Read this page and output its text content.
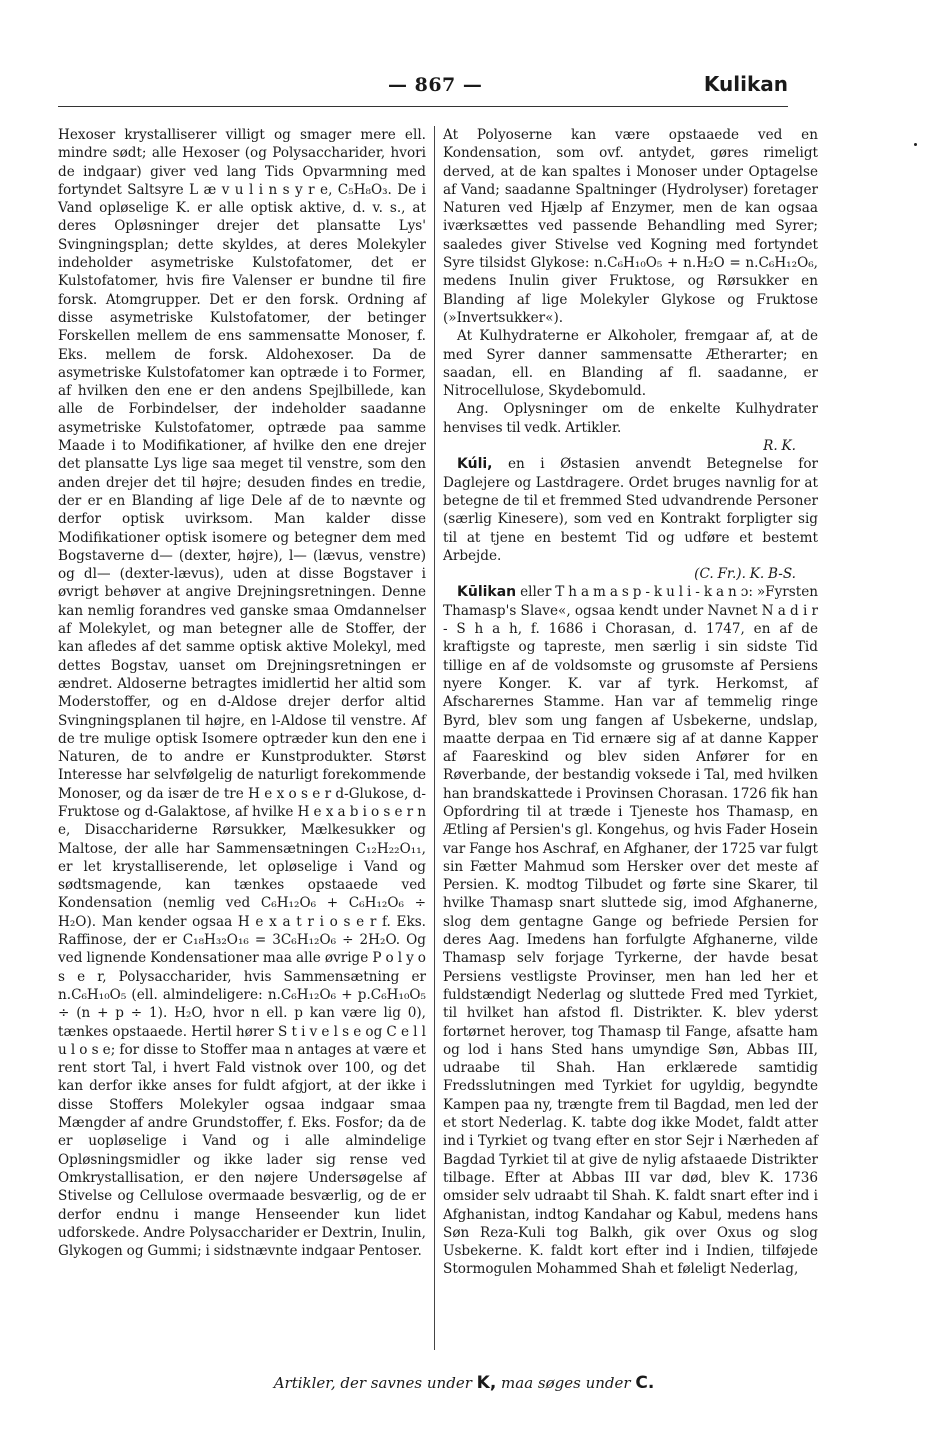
— 867 —	Kulikan

Hexoser krystalliserer villigt og smager mere ell. mindre sødt; alle Hexoser (og Polysaccharider, hvori de indgaar) giver ved lang Tids Opvarmning med fortyndet Saltsyre L æ v u l i n s y r e, C₅H₈O₃. De i Vand opløselige K. er alle optisk aktive, d. v. s., at deres Opløsninger drejer det plansatte Lys' Svingningsplan; dette skyldes, at deres Molekyler indeholder asymetriske Kulstofatomer, det er Kulstofatomer, hvis fire Valenser er bundne til fire forsk. Atomgrupper. Det er den forsk. Ordning af disse asymetriske Kulstofatomer, der betinger Forskellen mellem de ens sammensatte Monoser, f. Eks. mellem de forsk. Aldohexoser. Da de asymetriske Kulstofatomer kan optræde i to Former, af hvilken den ene er den andens Spejlbillede, kan alle de Forbindelser, der indeholder saadanne asymetriske Kulstofatomer, optræde paa samme Maade i to Modifikationer, af hvilke den ene drejer det plansatte Lys lige saa meget til venstre, som den anden drejer det til højre; desuden findes en tredie, der er en Blanding af lige Dele af de to nævnte og derfor optisk uvirksom. Man kalder disse Modifikationer optisk isomere og betegner dem med Bogstaverne d— (dexter, højre), l— (lævus, venstre) og dl— (dexter-lævus), uden at disse Bogstaver i øvrigt behøver at angive Drejningsretningen. Denne kan nemlig forandres ved ganske smaa Omdannelser af Molekylet, og man betegner alle de Stoffer, der kan afledes af det samme optisk aktive Molekyl, med dettes Bogstav, uanset om Drejningsretningen er ændret. Aldoserne betragtes imidlertid her altid som Moderstoffer, og en d-Aldose drejer derfor altid Svingningsplanen til højre, en l-Aldose til venstre. Af de tre mulige optisk Isomere optræder kun den ene i Naturen, de to andre er Kunstprodukter. Størst Interesse har selvfølgelig de naturligt forekommende Monoser, og da især de tre H e x o s e r d-Glukose, d-Fruktose og d-Galaktose, af hvilke H e x a b i o s e r n e, Disacchariderne Rørsukker, Mælkesukker og Maltose, der alle har Sammensætningen C₁₂H₂₂O₁₁, er let krystalliserende, let opløselige i Vand og sødtsmagende, kan tænkes opstaaede ved Kondensation (nemlig ved C₆H₁₂O₆ + C₆H₁₂O₆ ÷ H₂O). Man kender ogsaa H e x a t r i o s e r f. Eks. Raffinose, der er C₁₈H₃₂O₁₆ = 3C₆H₁₂O₆ ÷ 2H₂O. Og ved lignende Kondensationer maa alle øvrige P o l y o s e r, Polysaccharider, hvis Sammensætning er n.C₆H₁₀O₅ (ell. almindeligere: n.C₆H₁₂O₆ + p.C₆H₁₀O₅ ÷ (n + p ÷ 1). H₂O, hvor n ell. p kan være lig 0), tænkes opstaaede. Hertil hører S t i v e l s e og C e l l u l o s e; for disse to Stoffer maa n antages at være et rent stort Tal, i hvert Fald vistnok over 100, og det kan derfor ikke anses for fuldt afgjort, at der ikke i disse Stoffers Molekyler ogsaa indgaar smaa Mængder af andre Grundstoffer, f. Eks. Fosfor; da de er uopløselige i Vand og i alle almindelige Opløsningsmidler og ikke lader sig rense ved Omkrystallisation, er den nøjere Undersøgelse af Stivelse og Cellulose overmaade besværlig, og de er derfor endnu i mange Henseender kun lidet udforskede. Andre Polysaccharider er Dextrin, Inulin, Glykogen og Gummi; i sidstnævnte indgaar Pentoser.

At Polyoserne kan være opstaaede ved en Kondensation, som ovf. antydet, gøres rimeligt derved, at de kan spaltes i Monoser under Optagelse af Vand; saadanne Spaltninger (Hydrolyser) foretager Naturen ved Hjælp af Enzymer, men de kan ogsaa iværksættes ved passende Behandling med Syrer; saaledes giver Stivelse ved Kogning med fortyndet Syre tilsidst Glykose: n.C₆H₁₀O₅ + n.H₂O = n.C₆H₁₂O₆, medens Inulin giver Fruktose, og Rørsukker en Blanding af lige Molekyler Glykose og Fruktose (»Invertsukker«).

At Kulhydraterne er Alkoholer, fremgaar af, at de med Syrer danner sammensatte Ætherarter; en saadan, ell. en Blanding af fl. saadanne, er Nitrocellulose, Skydebomuld.

Ang. Oplysninger om de enkelte Kulhydrater henvises til vedk. Artikler.
R. K.

Kúli, en i Østasien anvendt Betegnelse for Daglejere og Lastdragere. Ordet bruges navnlig for at betegne de til et fremmed Sted udvandrende Personer (særlig Kinesere), som ved en Kontrakt forpligter sig til at tjene en bestemt Tid og udføre et bestemt Arbejde.
(C. Fr.). K. B-S.

Kūlikan eller T h a m a s p - k u l i - k a n ɔ: »Fyrsten Thamasp's Slave«, ogsaa kendt under Navnet N a d i r - S h a h, f. 1686 i Chorasan, d. 1747, en af de kraftigste og tapreste, men særlig i sin sidste Tid tillige en af de voldsomste og grusomste af Persiens nyere Konger. K. var af tyrk. Herkomst, af Afscharernes Stamme. Han var af temmelig ringe Byrd, blev som ung fangen af Usbekerne, undslap, maatte derpaa en Tid ernære sig af at danne Kapper af Faareskind og blev siden Anfører for en Røverbande, der bestandig voksede i Tal, med hvilken han brandskattede i Provinsen Chorasan. 1726 fik han Opfordring til at træde i Tjeneste hos Thamasp, en Ætling af Persien's gl. Kongehus, og hvis Fader Hosein var Fange hos Aschraf, en Afghaner, der 1725 var fulgt sin Fætter Mahmud som Hersker over det meste af Persien. K. modtog Tilbudet og førte sine Skarer, til hvilke Thamasp snart sluttede sig, imod Afghanerne, slog dem gentagne Gange og befriede Persien for deres Aag. Imedens han forfulgte Afghanerne, vilde Thamasp selv forjage Tyrkerne, der havde besat Persiens vestligste Provinser, men han led her et fuldstændigt Nederlag og sluttede Fred med Tyrkiet, til hvilket han afstod fl. Distrikter. K. blev yderst fortørnet herover, tog Thamasp til Fange, afsatte ham og lod i hans Sted hans umyndige Søn, Abbas III, udraabe til Shah. Han erklærede samtidig Fredsslutningen med Tyrkiet for ugyldig, begyndte Kampen paa ny, trængte frem til Bagdad, men led der et stort Nederlag. K. tabte dog ikke Modet, faldt atter ind i Tyrkiet og tvang efter en stor Sejr i Nærheden af Bagdad Tyrkiet til at give de nylig afstaaede Distrikter tilbage. Efter at Abbas III var død, blev K. 1736 omsider selv udraabt til Shah. K. faldt snart efter ind i Afghanistan, indtog Kandahar og Kabul, medens hans Søn Reza-Kuli tog Balkh, gik over Oxus og slog Usbekerne. K. faldt kort efter ind i Indien, tilføjede Stormogulen Mohammed Shah et føleligt Nederlag,

Artikler, der savnes under K, maa søges under C.
